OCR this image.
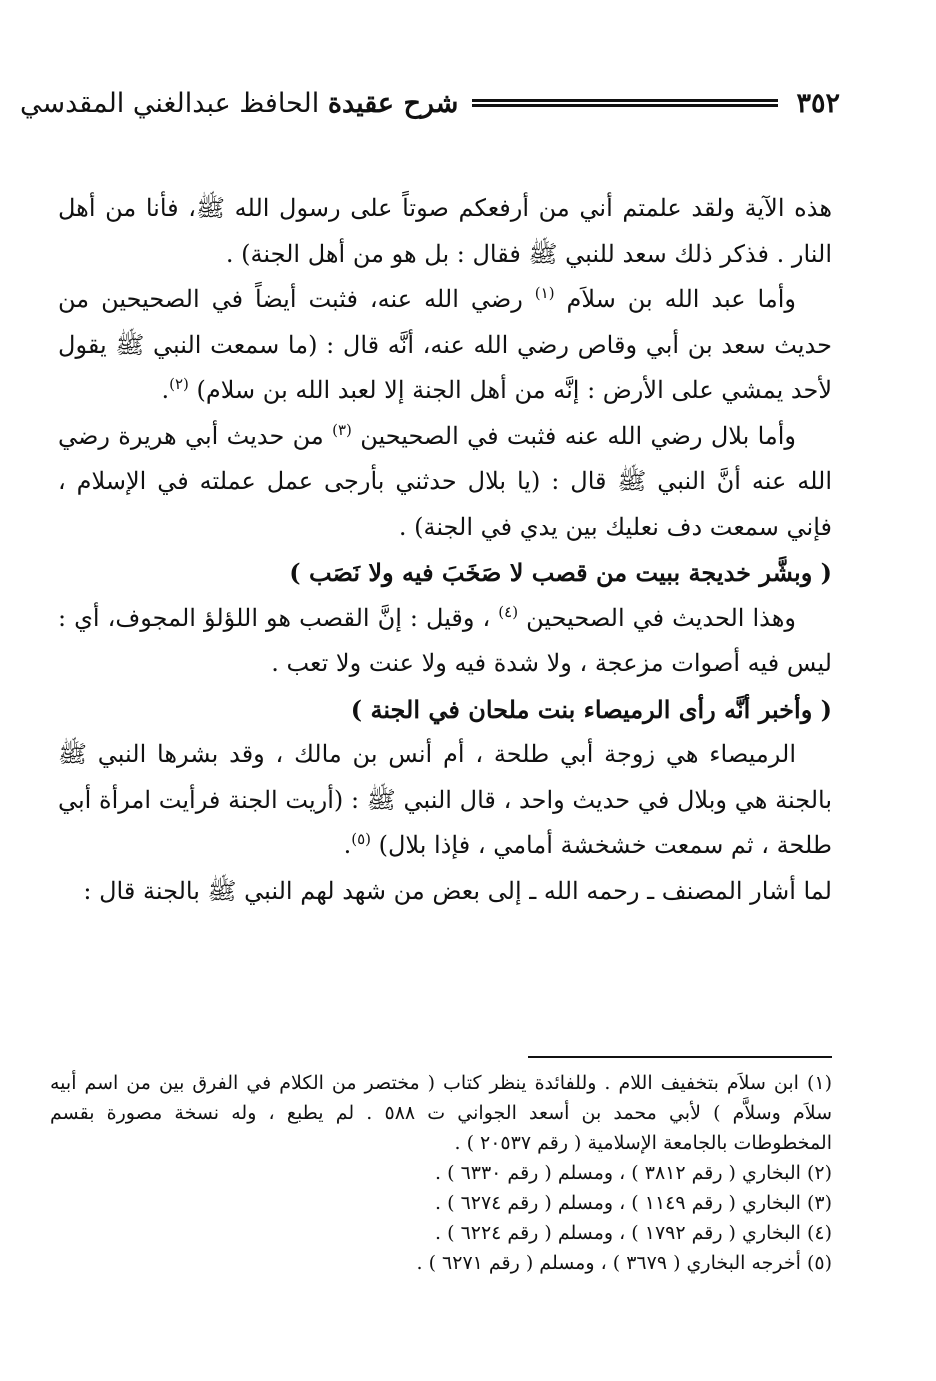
٣٥٢
شرح عقيدة الحافظ عبدالغني المقدسي

هذه الآية ولقد علمتم أني من أرفعكم صوتاً على رسول الله ﷺ، فأنا من أهل النار . فذكر ذلك سعد للنبي ﷺ فقال : بل هو من أهل الجنة) .

وأما عبد الله بن سلاَم $^{(١)}$ رضي الله عنه، فثبت أيضاً في الصحيحين من حديث سعد بن أبي وقاص رضي الله عنه، أنَّه قال : (ما سمعت النبي ﷺ يقول لأحد يمشي على الأرض : إنَّه من أهل الجنة إلا لعبد الله بن سلام) $^{(٢)}$.

وأما بلال رضي الله عنه فثبت في الصحيحين $^{(٣)}$ من حديث أبي هريرة رضي الله عنه أنَّ النبي ﷺ قال : (يا بلال حدثني بأرجى عمل عملته في الإسلام ، فإني سمعت دف نعليك بين يدي في الجنة) .

( وبشَّر خديجة ببيت من قصب لا صَخَبَ فيه ولا نَصَب )

وهذا الحديث في الصحيحين $^{(٤)}$ ، وقيل : إنَّ القصب هو اللؤلؤ المجوف، أي : ليس فيه أصوات مزعجة ، ولا شدة فيه ولا عنت ولا تعب .

( وأخبر أنَّه رأى الرميصاء بنت ملحان في الجنة )

الرميصاء هي زوجة أبي طلحة ، أم أنس بن مالك ، وقد بشرها النبي ﷺ بالجنة هي وبلال في حديث واحد ، قال النبي ﷺ : (أريت الجنة فرأيت امرأة أبي طلحة ، ثم سمعت خشخشة أمامي ، فإذا بلال) $^{(٥)}$.

لما أشار المصنف ـ رحمه الله ـ إلى بعض من شهد لهم النبي ﷺ بالجنة قال :

(١) ابن سلاَم بتخفيف اللام . وللفائدة ينظر كتاب ( مختصر من الكلام في الفرق بين من اسم أبيه سلاَم وسلاَّم ) لأبي محمد بن أسعد الجواني ت ٥٨٨ . لم يطبع ، وله نسخة مصورة بقسم المخطوطات بالجامعة الإسلامية ( رقم ٢٠٥٣٧ ) .

(٢) البخاري ( رقم ٣٨١٢ ) ، ومسلم ( رقم ٦٣٣٠ ) .

(٣) البخاري ( رقم ١١٤٩ ) ، ومسلم ( رقم ٦٢٧٤ ) .

(٤) البخاري ( رقم ١٧٩٢ ) ، ومسلم ( رقم ٦٢٢٤ ) .

(٥) أخرجه البخاري ( ٣٦٧٩ ) ، ومسلم ( رقم ٦٢٧١ ) .
